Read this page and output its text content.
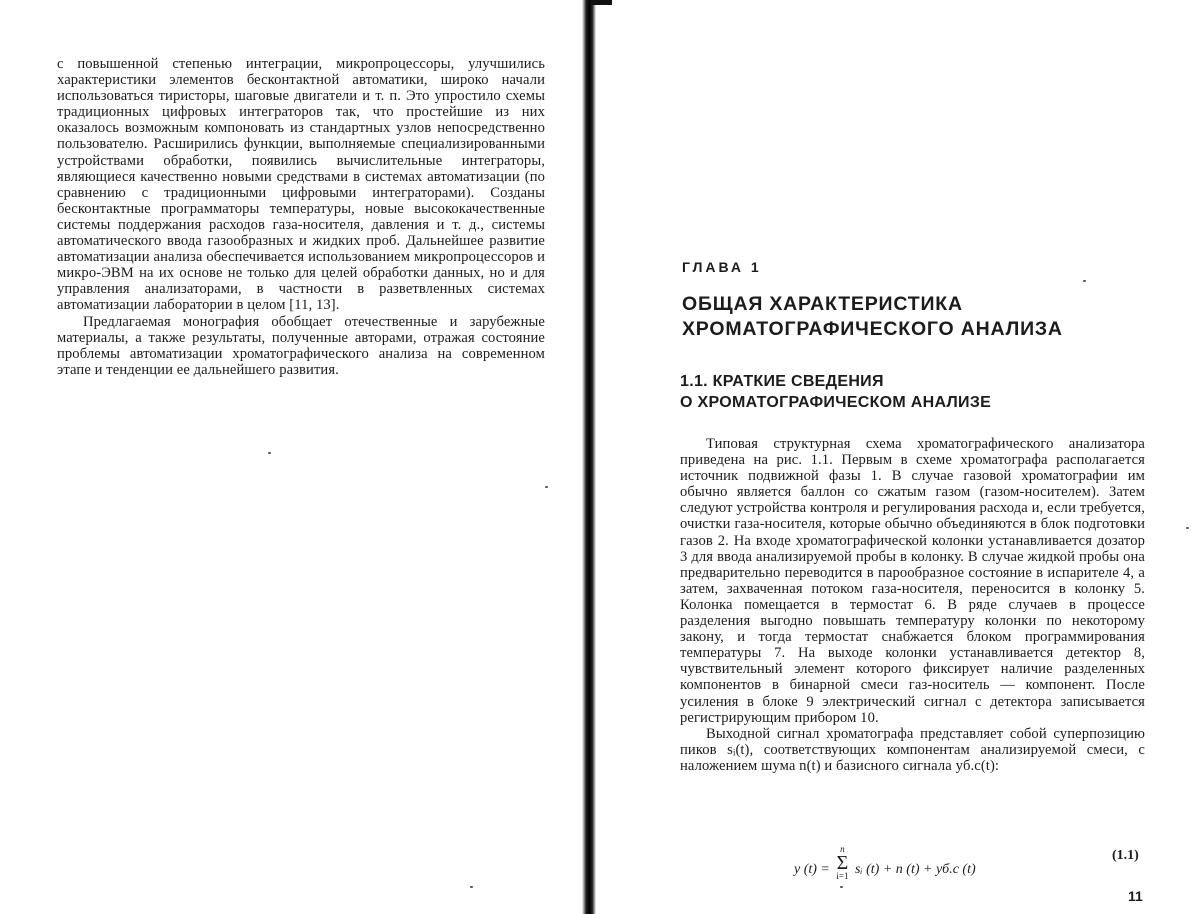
с повышенной степенью интеграции, микропроцессоры, улучшились характеристики элементов бесконтактной автоматики, широко начали использоваться тиристоры, шаговые двигатели и т. п. Это упростило схемы традиционных цифровых интеграторов так, что простейшие из них оказалось возможным компоновать из стандартных узлов непосредственно пользователю. Расширились функции, выполняемые специализированными устройствами обработки, появились вычислительные интеграторы, являющиеся качественно новыми средствами в системах автоматизации (по сравнению с традиционными цифровыми интеграторами). Созданы бесконтактные программаторы температуры, новые высококачественные системы поддержания расходов газа-носителя, давления и т. д., системы автоматического ввода газообразных и жидких проб. Дальнейшее развитие автоматизации анализа обеспечивается использованием микропроцессоров и микро-ЭВМ на их основе не только для целей обработки данных, но и для управления анализаторами, в частности в разветвленных системах автоматизации лаборатории в целом [11, 13].

Предлагаемая монография обобщает отечественные и зарубежные материалы, а также результаты, полученные авторами, отражая состояние проблемы автоматизации хроматографического анализа на современном этапе и тенденции ее дальнейшего развития.

ГЛАВА 1
ОБЩАЯ ХАРАКТЕРИСТИКА
ХРОМАТОГРАФИЧЕСКОГО АНАЛИЗА
1.1. КРАТКИЕ СВЕДЕНИЯ
О ХРОМАТОГРАФИЧЕСКОМ АНАЛИЗЕ

Типовая структурная схема хроматографического анализатора приведена на рис. 1.1. Первым в схеме хроматографа располагается источник подвижной фазы 1. В случае газовой хроматографии им обычно является баллон со сжатым газом (газом-носителем). Затем следуют устройства контроля и регулирования расхода и, если требуется, очистки газа-носителя, которые обычно объединяются в блок подготовки газов 2. На входе хроматографической колонки устанавливается дозатор 3 для ввода анализируемой пробы в колонку. В случае жидкой пробы она предварительно переводится в парообразное состояние в испарителе 4, а затем, захваченная потоком газа-носителя, переносится в колонку 5. Колонка помещается в термостат 6. В ряде случаев в процессе разделения выгодно повышать температуру колонки по некоторому закону, и тогда термостат снабжается блоком программирования температуры 7. На выходе колонки устанавливается детектор 8, чувствительный элемент которого фиксирует наличие разделенных компонентов в бинарной смеси газ-носитель — компонент. После усиления в блоке 9 электрический сигнал с детектора записывается регистрирующим прибором 10.

Выходной сигнал хроматографа представляет собой суперпозицию пиков sᵢ(t), соответствующих компонентам анализируемой смеси, с наложением шума n(t) и базисного сигнала yб.с(t):

y (t) =
n
Σ
i=1 sᵢ (t) + n (t) + yб.с (t)
(1.1)
11
